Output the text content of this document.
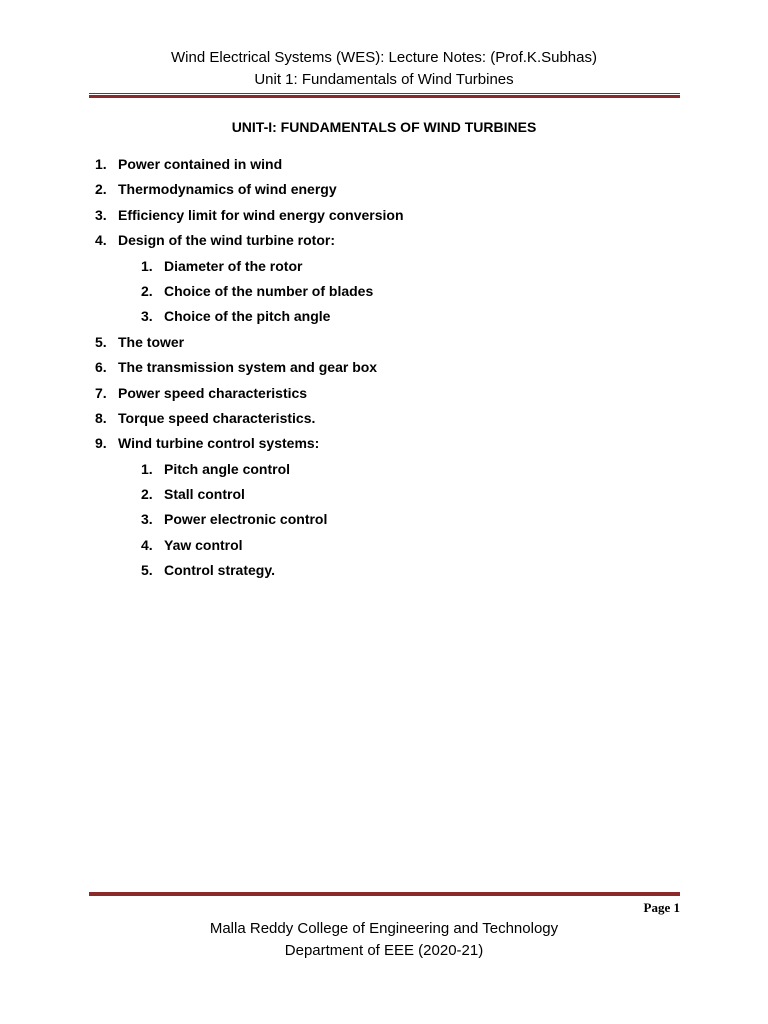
Wind Electrical Systems (WES): Lecture Notes: (Prof.K.Subhas)
Unit 1: Fundamentals of Wind Turbines
UNIT-I: FUNDAMENTALS OF WIND TURBINES
1. Power contained in wind
2. Thermodynamics of wind energy
3. Efficiency limit for wind energy conversion
4. Design of the wind turbine rotor:
1. Diameter of the rotor
2. Choice of the number of blades
3. Choice of the pitch angle
5. The tower
6. The transmission system and gear box
7. Power speed characteristics
8. Torque speed characteristics.
9. Wind turbine control systems:
1. Pitch angle control
2. Stall control
3. Power electronic control
4. Yaw control
5. Control strategy.
Page 1
Malla Reddy College of Engineering and Technology
Department of EEE (2020-21)
